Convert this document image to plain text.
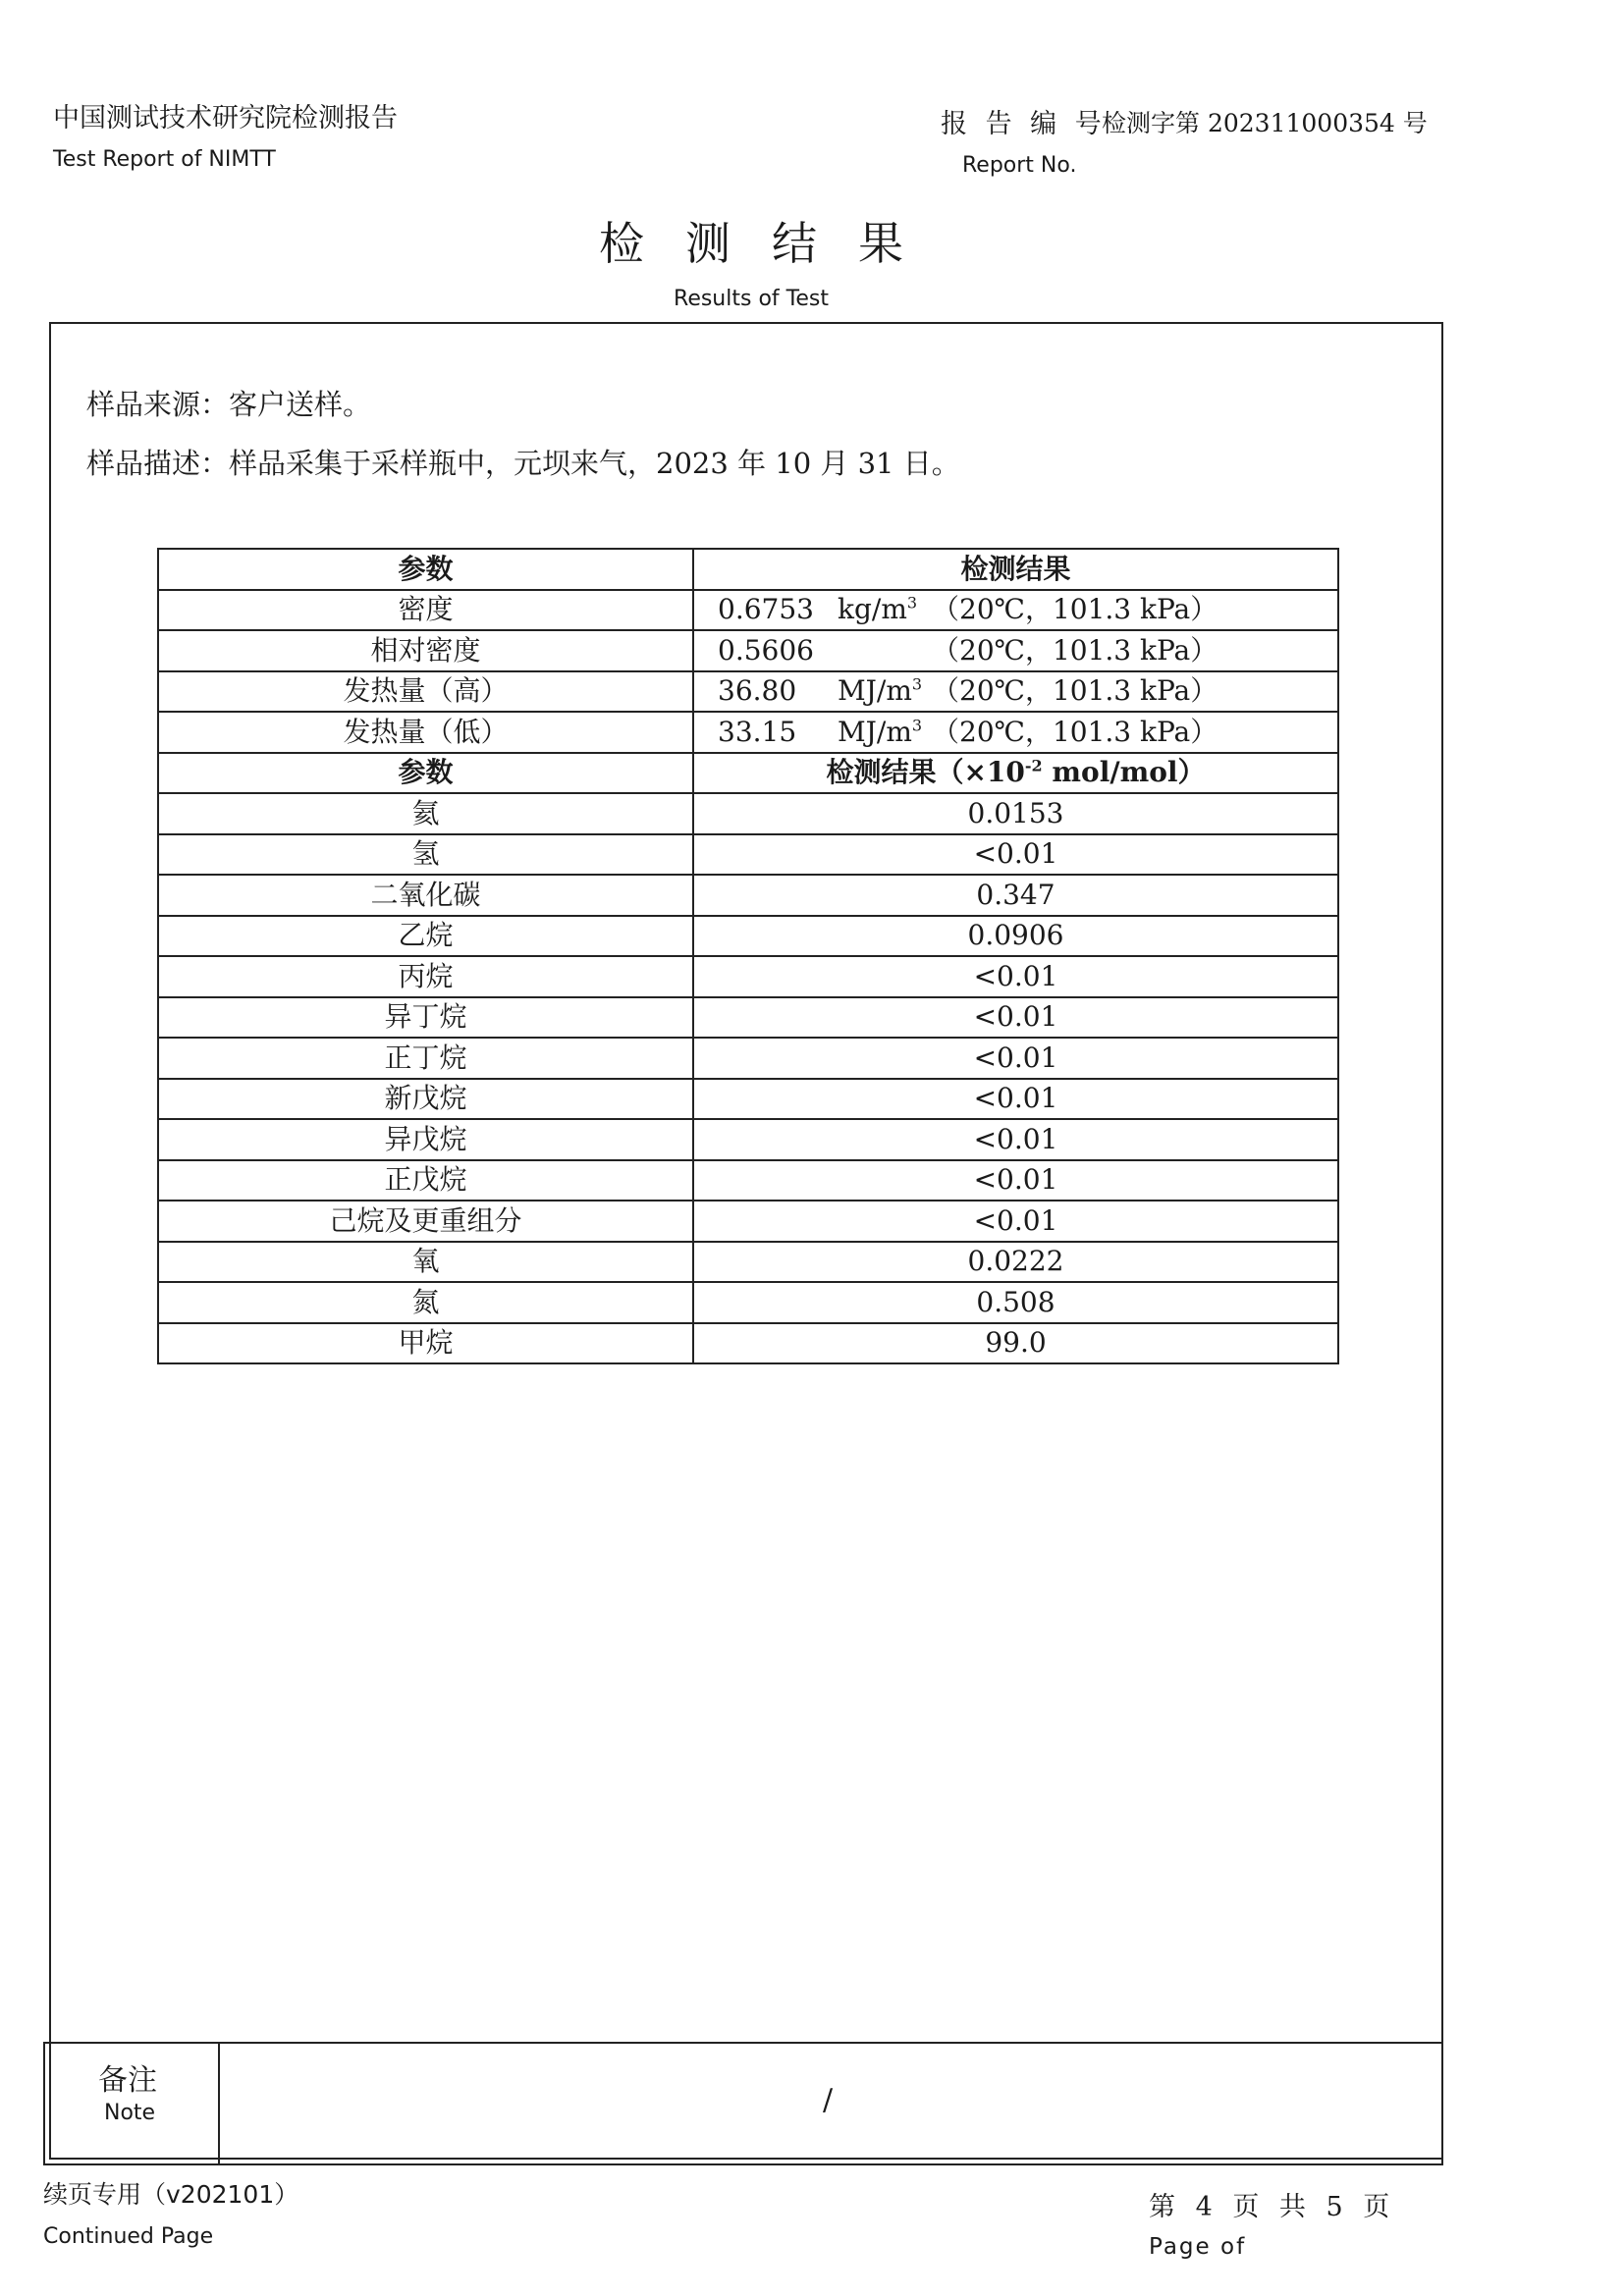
中国测试技术研究院检测报告
Test Report of NIMTT
报 告 编 号
检测字第 202311000354 号
Report No.
检测结果
Results of Test
样品来源：客户送样。
样品描述：样品采集于采样瓶中，元坝来气，2023 年 10 月 31 日。
参数	检测结果
密度	0.6753 $kg/m^3$ （20℃，101.3 kPa）
相对密度	0.5606 （20℃，101.3 kPa）
发热量（高）	36.80 $MJ/m^3$ （20℃，101.3 kPa）
发热量（低）	33.15 $MJ/m^3$ （20℃，101.3 kPa）
参数	检测结果（$\times 10^{-2}$ mol/mol）
氦	0.0153
氢	<0.01
二氧化碳	0.347
乙烷	0.0906
丙烷	<0.01
异丁烷	<0.01
正丁烷	<0.01
新戊烷	<0.01
异戊烷	<0.01
正戊烷	<0.01
己烷及更重组分	<0.01
氧	0.0222
氮	0.508
甲烷	99.0
备注
Note	/
续页专用（v202101）
Continued Page
第 4 页 共 5 页
Page of
